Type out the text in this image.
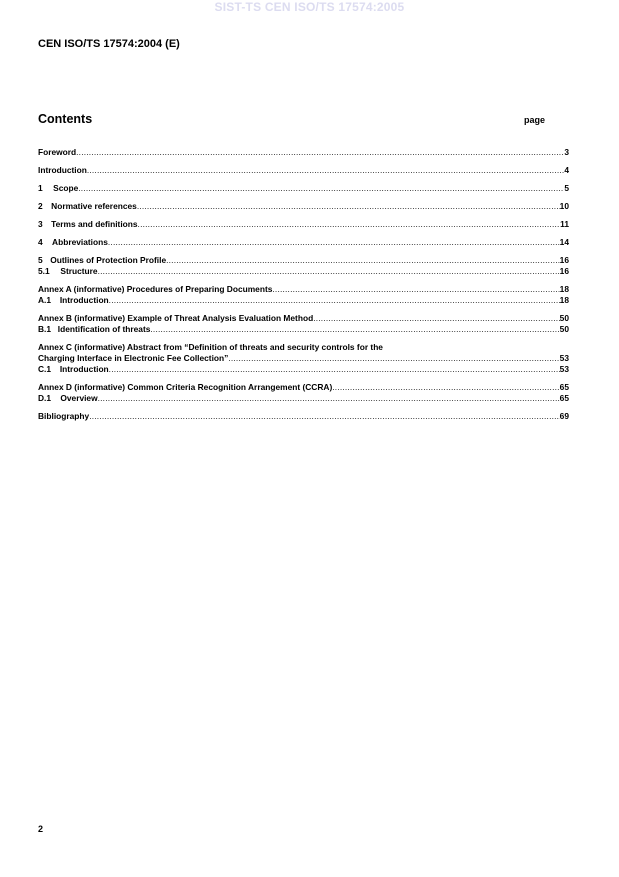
SIST-TS CEN ISO/TS 17574:2005
CEN ISO/TS 17574:2004 (E)
Contents	page
Foreword .....	3
Introduction .....	4
1	Scope .....	5
2	Normative references .....	10
3	Terms and definitions .....	11
4	Abbreviations .....	14
5 Outlines of Protection Profile .....	16
5.1	Structure .....	16
Annex A (informative) Procedures of Preparing Documents .....	18
A.1	Introduction .....	18
Annex B (informative) Example of Threat Analysis Evaluation Method .....	50
B.1 Identification of threats .....	50
Annex C (informative) Abstract from “Definition of threats and security controls for the
Charging Interface in Electronic Fee Collection” .....	53
C.1	Introduction .....	53
Annex D (informative) Common Criteria Recognition Arrangement (CCRA) .....	65
D.1	Overview .....	65
Bibliography .....	69
2
